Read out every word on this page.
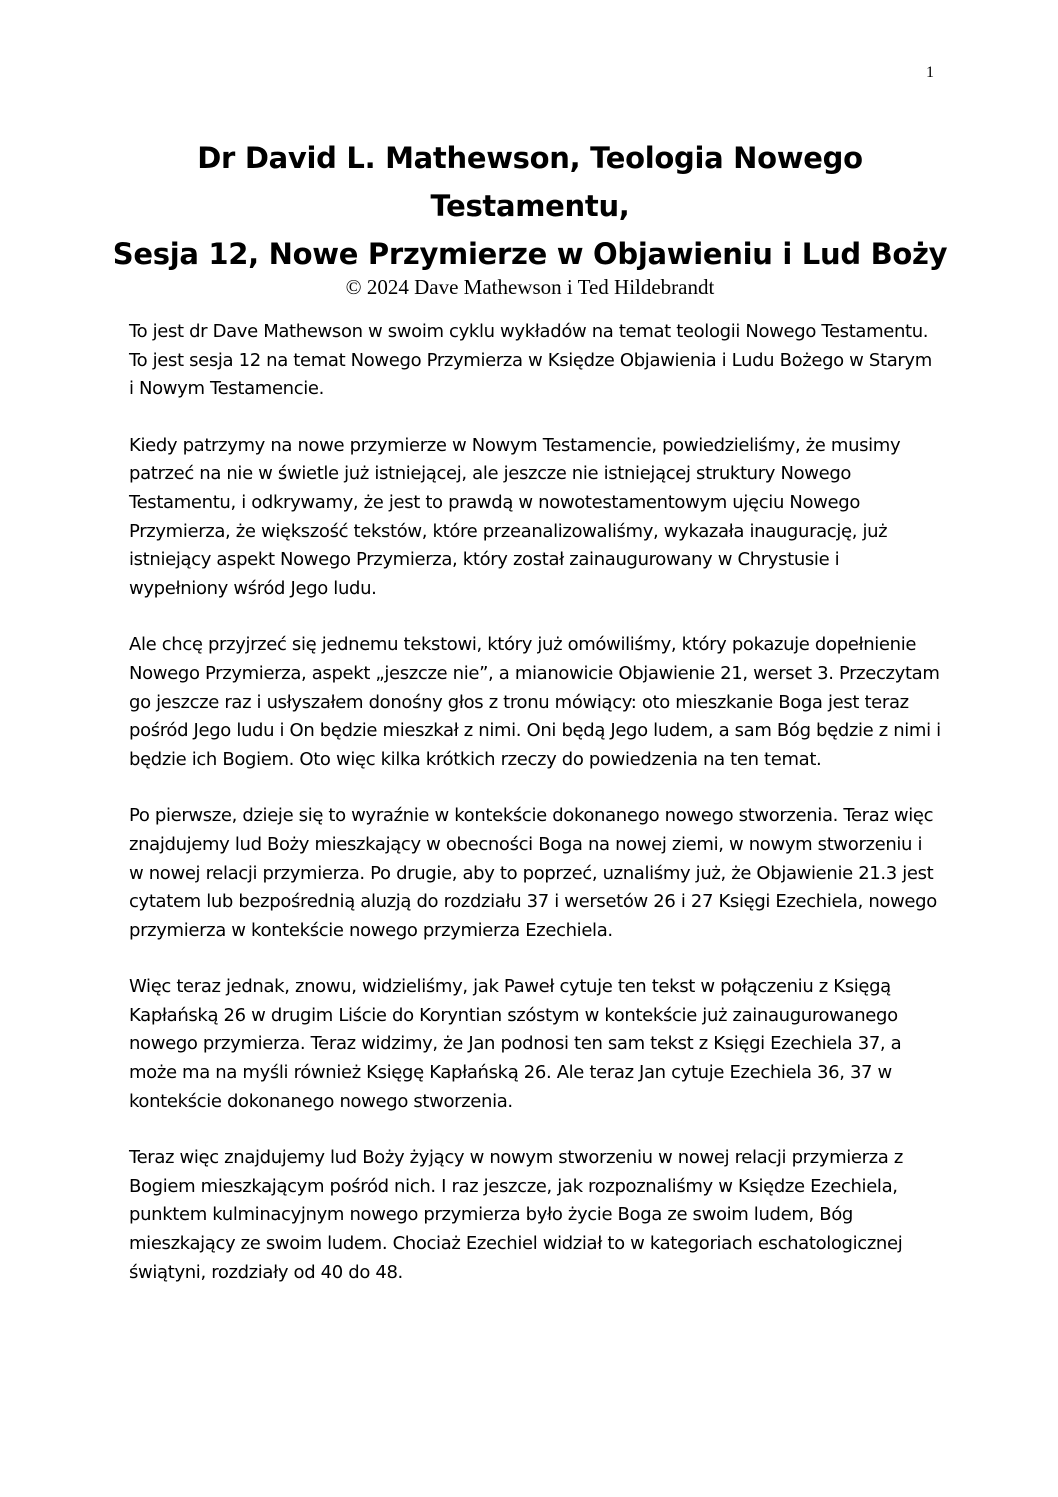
1
Dr David L. Mathewson, Teologia Nowego
Testamentu,
Sesja 12, Nowe Przymierze w Objawieniu i Lud Boży
© 2024 Dave Mathewson i Ted Hildebrandt

To jest dr Dave Mathewson w swoim cyklu wykładów na temat teologii Nowego Testamentu. To jest sesja 12 na temat Nowego Przymierza w Księdze Objawienia i Ludu Bożego w Starym i Nowym Testamencie.

Kiedy patrzymy na nowe przymierze w Nowym Testamencie, powiedzieliśmy, że musimy patrzeć na nie w świetle już istniejącej, ale jeszcze nie istniejącej struktury Nowego Testamentu, i odkrywamy, że jest to prawdą w nowotestamentowym ujęciu Nowego Przymierza, że większość tekstów, które przeanalizowaliśmy, wykazała inaugurację, już istniejący aspekt Nowego Przymierza, który został zainaugurowany w Chrystusie i wypełniony wśród Jego ludu.

Ale chcę przyjrzeć się jednemu tekstowi, który już omówiliśmy, który pokazuje dopełnienie Nowego Przymierza, aspekt „jeszcze nie”, a mianowicie Objawienie 21, werset 3. Przeczytam go jeszcze raz i usłyszałem donośny głos z tronu mówiący: oto mieszkanie Boga jest teraz pośród Jego ludu i On będzie mieszkał z nimi. Oni będą Jego ludem, a sam Bóg będzie z nimi i będzie ich Bogiem. Oto więc kilka krótkich rzeczy do powiedzenia na ten temat.

Po pierwsze, dzieje się to wyraźnie w kontekście dokonanego nowego stworzenia. Teraz więc znajdujemy lud Boży mieszkający w obecności Boga na nowej ziemi, w nowym stworzeniu i w nowej relacji przymierza. Po drugie, aby to poprzeć, uznaliśmy już, że Objawienie 21.3 jest cytatem lub bezpośrednią aluzją do rozdziału 37 i wersetów 26 i 27 Księgi Ezechiela, nowego przymierza w kontekście nowego przymierza Ezechiela.

Więc teraz jednak, znowu, widzieliśmy, jak Paweł cytuje ten tekst w połączeniu z Księgą Kapłańską 26 w drugim Liście do Koryntian szóstym w kontekście już zainaugurowanego nowego przymierza. Teraz widzimy, że Jan podnosi ten sam tekst z Księgi Ezechiela 37, a może ma na myśli również Księgę Kapłańską 26. Ale teraz Jan cytuje Ezechiela 36, 37 w kontekście dokonanego nowego stworzenia.

Teraz więc znajdujemy lud Boży żyjący w nowym stworzeniu w nowej relacji przymierza z Bogiem mieszkającym pośród nich. I raz jeszcze, jak rozpoznaliśmy w Księdze Ezechiela, punktem kulminacyjnym nowego przymierza było życie Boga ze swoim ludem, Bóg mieszkający ze swoim ludem. Chociaż Ezechiel widział to w kategoriach eschatologicznej świątyni, rozdziały od 40 do 48.
